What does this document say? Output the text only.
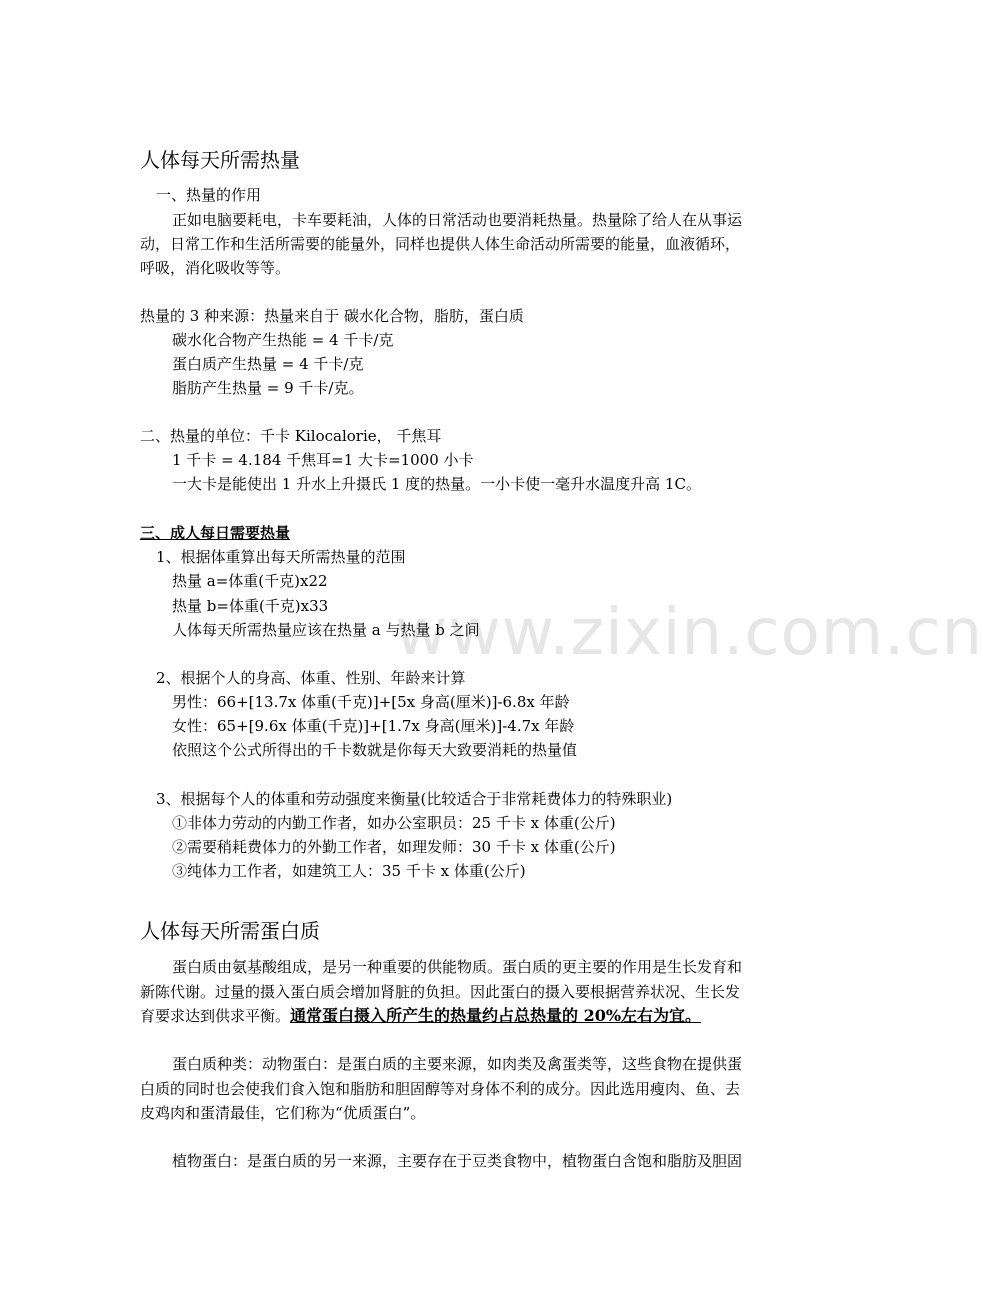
www.zixin.com.cn
人体每天所需热量
一、热量的作用
正如电脑要耗电，卡车要耗油，人体的日常活动也要消耗热量。热量除了给人在从事运
动，日常工作和生活所需要的能量外，同样也提供人体生命活动所需要的能量，血液循环，
呼吸，消化吸收等等。
热量的 3 种来源：热量来自于 碳水化合物，脂肪，蛋白质
碳水化合物产生热能 = 4 千卡/克
蛋白质产生热量 = 4 千卡/克
脂肪产生热量 = 9 千卡/克。
二、热量的单位：千卡 Kilocalorie， 千焦耳
1 千卡 = 4.184 千焦耳=1 大卡=1000 小卡
一大卡是能使出 1 升水上升摄氏 1 度的热量。一小卡使一毫升水温度升高 1C。
三、成人每日需要热量
1、根据体重算出每天所需热量的范围
热量 a=体重(千克)x22
热量 b=体重(千克)x33
人体每天所需热量应该在热量 a 与热量 b 之间
2、根据个人的身高、体重、性别、年龄来计算
男性：66+[13.7x 体重(千克)]+[5x 身高(厘米)]-6.8x 年龄
女性：65+[9.6x 体重(千克)]+[1.7x 身高(厘米)]-4.7x 年龄
依照这个公式所得出的千卡数就是你每天大致要消耗的热量值
3、根据每个人的体重和劳动强度来衡量(比较适合于非常耗费体力的特殊职业)
①非体力劳动的内勤工作者，如办公室职员：25 千卡 x 体重(公斤)
②需要稍耗费体力的外勤工作者，如理发师：30 千卡 x 体重(公斤)
③纯体力工作者，如建筑工人：35 千卡 x 体重(公斤)
人体每天所需蛋白质
蛋白质由氨基酸组成，是另一种重要的供能物质。蛋白质的更主要的作用是生长发育和
新陈代谢。过量的摄入蛋白质会增加肾脏的负担。因此蛋白的摄入要根据营养状况、生长发
育要求达到供求平衡。通常蛋白摄入所产生的热量约占总热量的 20%左右为宜。
蛋白质种类：动物蛋白：是蛋白质的主要来源，如肉类及禽蛋类等，这些食物在提供蛋
白质的同时也会使我们食入饱和脂肪和胆固醇等对身体不利的成分。因此选用瘦肉、鱼、去
皮鸡肉和蛋清最佳，它们称为“优质蛋白”。
植物蛋白：是蛋白质的另一来源，主要存在于豆类食物中，植物蛋白含饱和脂肪及胆固
